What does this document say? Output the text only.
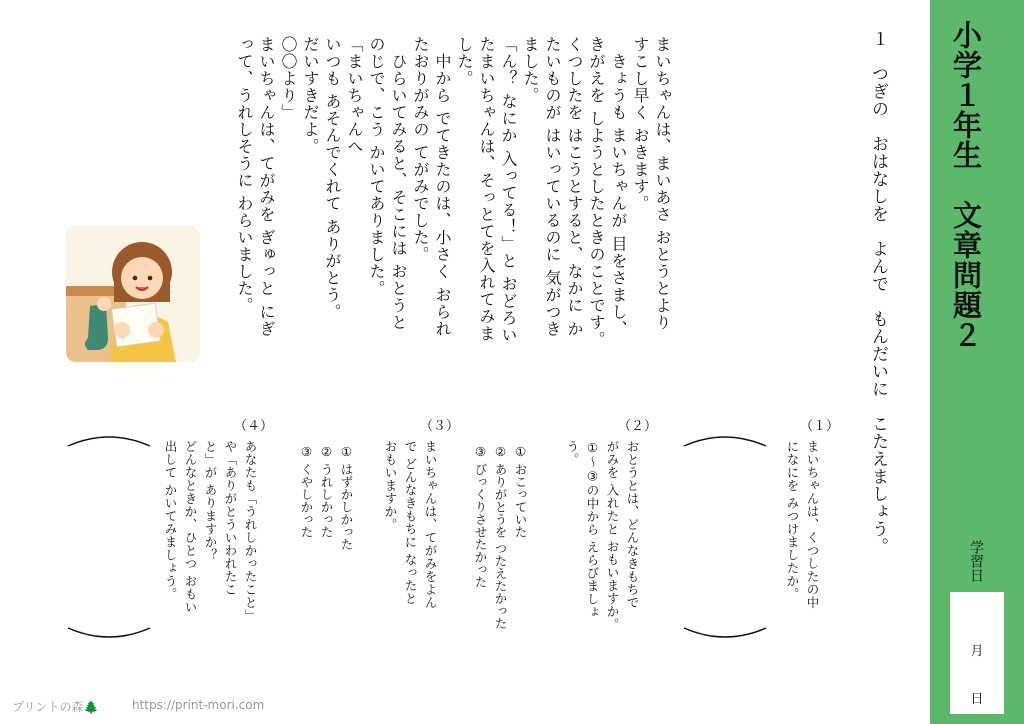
小学１年生　文章問題２
学習日
月
日
１　つぎの　おはなしを　よんで　もんだいに　こたえましょう。
まいちゃんは、まいあさ おとうとより
すこし早く おきます。
　きょうも まいちゃんが 目をさまし、
きがえを しようとしたときのことです。
くつしたを はこうとすると、なかに か
たいものが はいっているのに 気がつき
ました。
「ん？ なにか 入ってる！」と おどろい
たまいちゃんは、そっとてを入れてみま
した。
　中から でてきたのは、小さく おられ
たおりがみの てがみでした。
　ひらいてみると、そこには おとうと
のじで、こう かいてありました。
「まいちゃんへ
いつも あそんでくれて ありがとう。
だいすきだよ。
〇〇より」
まいちゃんは、てがみを ぎゅっと にぎ
って、うれしそうに わらいました。
（１）
まいちゃんは、くつしたの中
になにを みつけましたか。
（２）
おとうとは、どんなきもちで
がみを 入れたと おもいますか。
①〜③の中から えらびましょ
う。
① おこっていた
② ありがとうを つたえたかった
③ びっくりさせたかった
（３）
まいちゃんは、てがみをよん
で どんなきもちに なったと
おもいますか。
① はずかしかった
② うれしかった
③ くやしかった
（４）
あなたも「うれしかったこと」
や「ありがとういわれたこ
と」が ありますか？
どんなときか、ひとつ おもい
出して かいてみましょう。
プリントの森🌲	https://print-mori.com
